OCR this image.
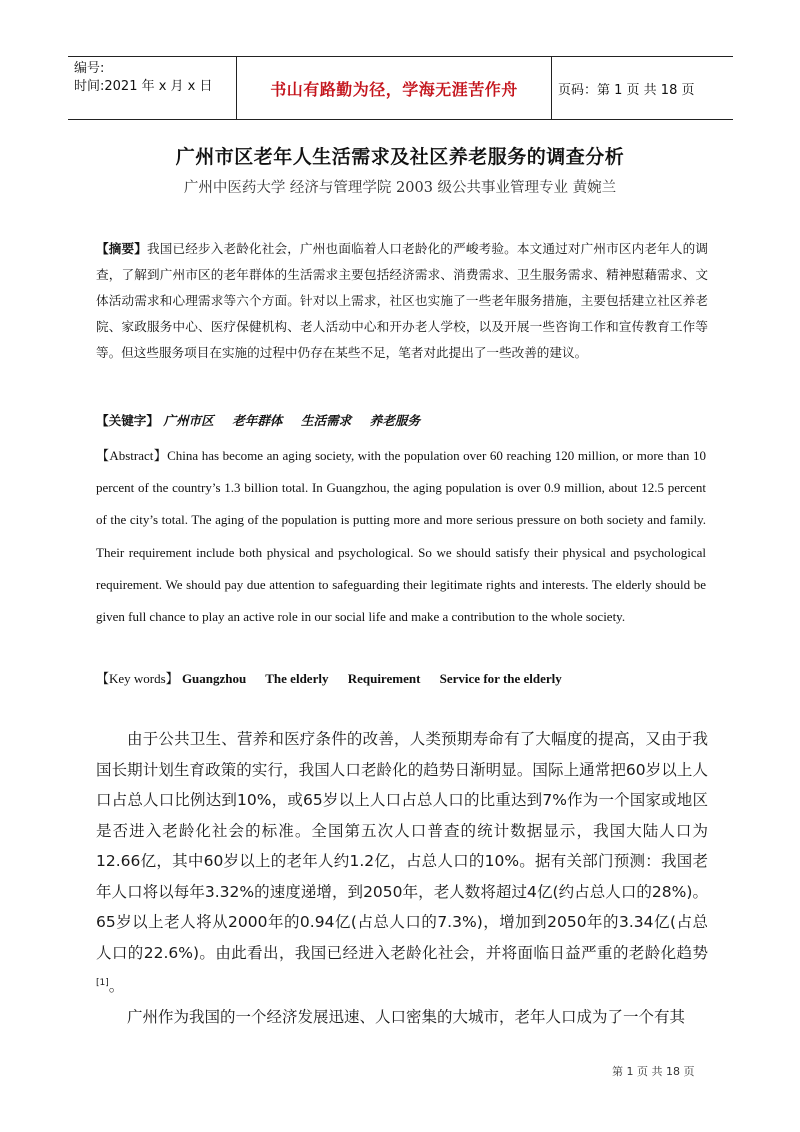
编号:
时间:2021 年 x 月 x 日	书山有路勤为径，学海无涯苦作舟	页码：第 1 页 共 18 页
广州市区老年人生活需求及社区养老服务的调查分析
广州中医药大学 经济与管理学院 2003 级公共事业管理专业 黄婉兰
【摘要】我国已经步入老龄化社会，广州也面临着人口老龄化的严峻考验。本文通过对广州市区内老年人的调查，了解到广州市区的老年群体的生活需求主要包括经济需求、消费需求、卫生服务需求、精神慰藉需求、文体活动需求和心理需求等六个方面。针对以上需求，社区也实施了一些老年服务措施，主要包括建立社区养老院、家政服务中心、医疗保健机构、老人活动中心和开办老人学校，以及开展一些咨询工作和宣传教育工作等等。但这些服务项目在实施的过程中仍存在某些不足，笔者对此提出了一些改善的建议。
【关键字】 广州市区 老年群体 生活需求 养老服务
【Abstract】China has become an aging society, with the population over 60 reaching 120 million, or more than 10 percent of the country’s 1.3 billion total. In Guangzhou, the aging population is over 0.9 million, about 12.5 percent of the city’s total. The aging of the population is putting more and more serious pressure on both society and family. Their requirement include both physical and psychological. So we should satisfy their physical and psychological requirement. We should pay due attention to safeguarding their legitimate rights and interests. The elderly should be given full chance to play an active role in our social life and make a contribution to the whole society.
【Key words】 Guangzhou The elderly Requirement Service for the elderly

由于公共卫生、营养和医疗条件的改善，人类预期寿命有了大幅度的提高，又由于我国长期计划生育政策的实行，我国人口老龄化的趋势日渐明显。国际上通常把60岁以上人口占总人口比例达到10%，或65岁以上人口占总人口的比重达到7%作为一个国家或地区是否进入老龄化社会的标准。全国第五次人口普查的统计数据显示，我国大陆人口为12.66亿，其中60岁以上的老年人约1.2亿，占总人口的10%。据有关部门预测：我国老年人口将以每年3.32%的速度递增，到2050年，老人数将超过4亿(约占总人口的28%)。65岁以上老人将从2000年的0.94亿(占总人口的7.3%)，增加到2050年的3.34亿(占总人口的22.6%)。由此看出，我国已经进入老龄化社会，并将面临日益严重的老龄化趋势[1]。

广州作为我国的一个经济发展迅速、人口密集的大城市，老年人口成为了一个有其

第 1 页 共 18 页
